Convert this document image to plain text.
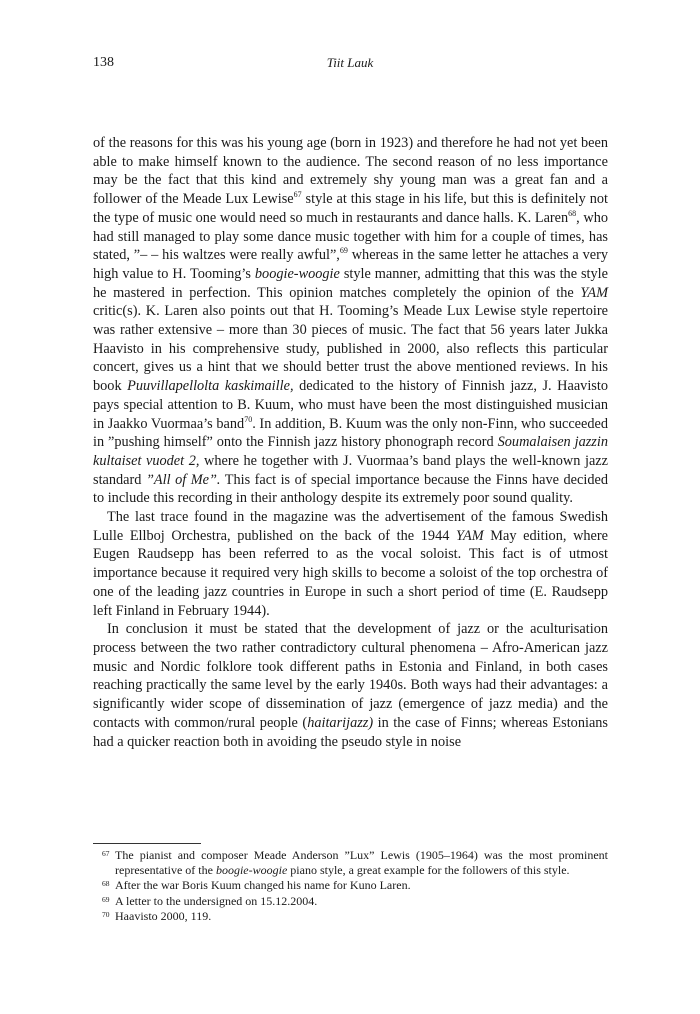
138	Tiit Lauk

of the reasons for this was his young age (born in 1923) and therefore he had not yet been able to make himself known to the audience. The second reason of no less importance may be the fact that this kind and extremely shy young man was a great fan and a follower of the Meade Lux Lewise$^{67}$ style at this stage in his life, but this is definitely not the type of music one would need so much in restaurants and dance halls. K. Laren$^{68}$, who had still managed to play some dance music together with him for a couple of times, has stated, ”– – his waltzes were really awful”,$^{69}$ whereas in the same letter he attaches a very high value to H. Tooming’s boogie-woogie style manner, admitting that this was the style he mastered in perfection. This opinion matches completely the opinion of the YAM critic(s). K. Laren also points out that H. Tooming’s Meade Lux Lewise style repertoire was rather extensive – more than 30 pieces of music. The fact that 56 years later Jukka Haavisto in his comprehensive study, published in 2000, also reflects this particular concert, gives us a hint that we should better trust the above mentioned reviews. In his book Puuvillapellolta kaskimaille, dedicated to the history of Finnish jazz, J. Haavisto pays special attention to B. Kuum, who must have been the most distinguished musician in Jaakko Vuormaa’s band$^{70}$. In addition, B. Kuum was the only non-Finn, who succeeded in ”pushing himself” onto the Finnish jazz history phonograph record Soumalaisen jazzin kultaiset vuodet 2, where he together with J. Vuormaa’s band plays the well-known jazz standard ”All of Me”. This fact is of special importance because the Finns have decided to include this recording in their anthology despite its extremely poor sound quality.

The last trace found in the magazine was the advertisement of the famous Swedish Lulle Ellboj Orchestra, published on the back of the 1944 YAM May edition, where Eugen Raudsepp has been referred to as the vocal soloist. This fact is of utmost importance because it required very high skills to become a soloist of the top orchestra of one of the leading jazz countries in Europe in such a short period of time (E. Raudsepp left Finland in February 1944).

In conclusion it must be stated that the development of jazz or the aculturisation process between the two rather contradictory cultural phenomena – Afro-American jazz music and Nordic folklore took different paths in Estonia and Finland, in both cases reaching practically the same level by the early 1940s. Both ways had their advantages: a significantly wider scope of dissemination of jazz (emergence of jazz media) and the contacts with common/rural people (haitarijazz) in the case of Finns; whereas Estonians had a quicker reaction both in avoiding the pseudo style in noise

67 The pianist and composer Meade Anderson ”Lux” Lewis (1905–1964) was the most prominent representative of the boogie-woogie piano style, a great example for the followers of this style.
68 After the war Boris Kuum changed his name for Kuno Laren.
69 A letter to the undersigned on 15.12.2004.
70 Haavisto 2000, 119.
